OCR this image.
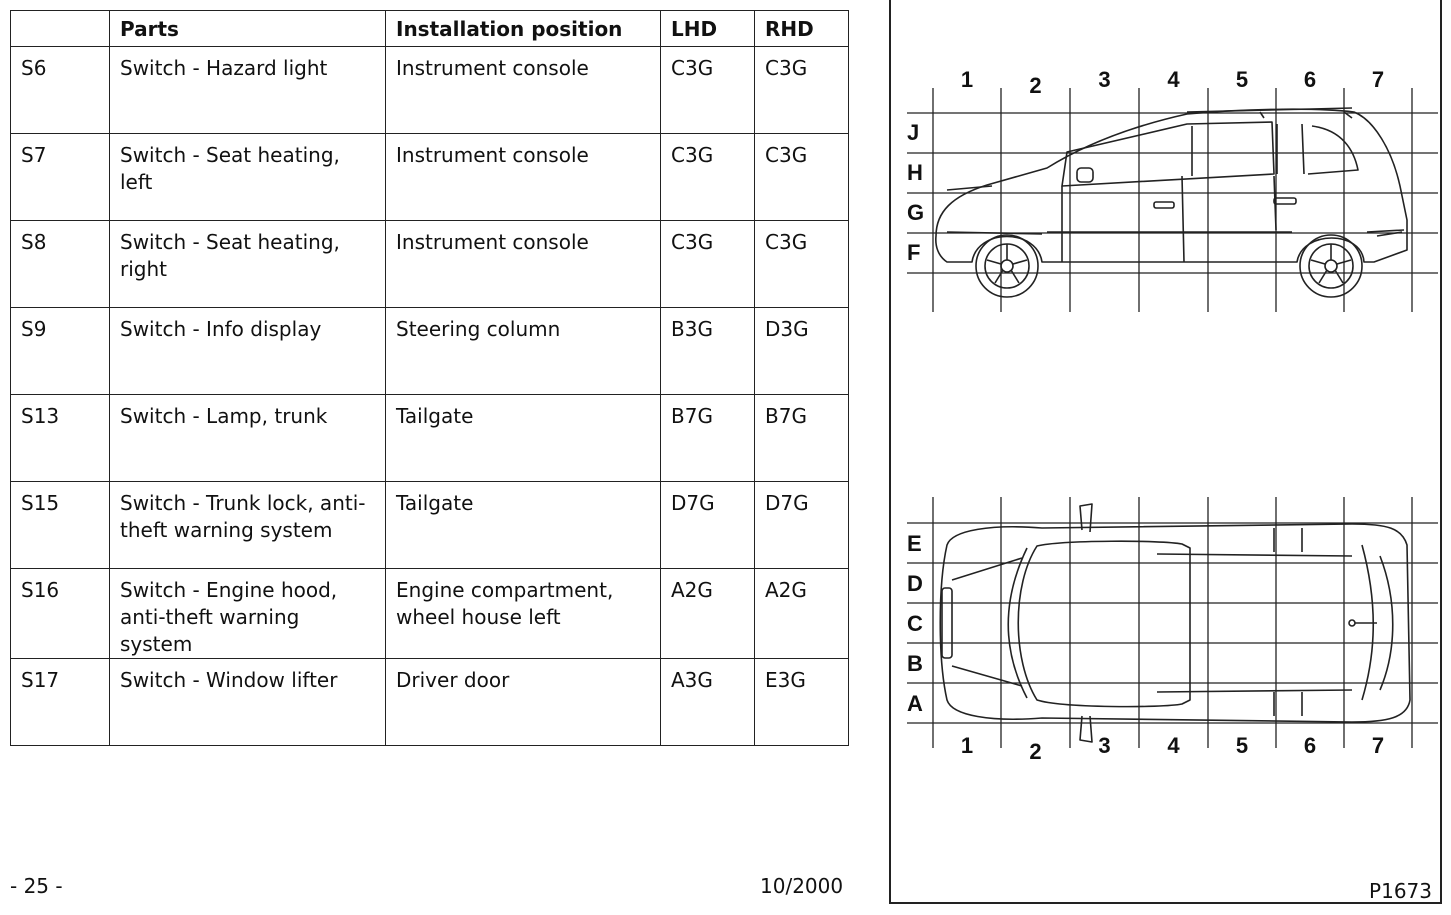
	Parts	Installation position	LHD	RHD
S6	Switch - Hazard light	Instrument console	C3G	C3G
S7	Switch - Seat heating, left	Instrument console	C3G	C3G
S8	Switch - Seat heating, right	Instrument console	C3G	C3G
S9	Switch - Info display	Steering column	B3G	D3G
S13	Switch - Lamp, trunk	Tailgate	B7G	B7G
S15	Switch - Trunk lock, anti-theft warning system	Tailgate	D7G	D7G
S16	Switch - Engine hood, anti-theft warning system	Engine compartment, wheel house left	A2G	A2G
S17	Switch - Window lifter	Driver door	A3G	E3G
- 25 -	10/2000
1	2	3	4	5	6	7
1	2	3	4	5	6	7
J
H
G
F
E
D
C
B
A
P1673
